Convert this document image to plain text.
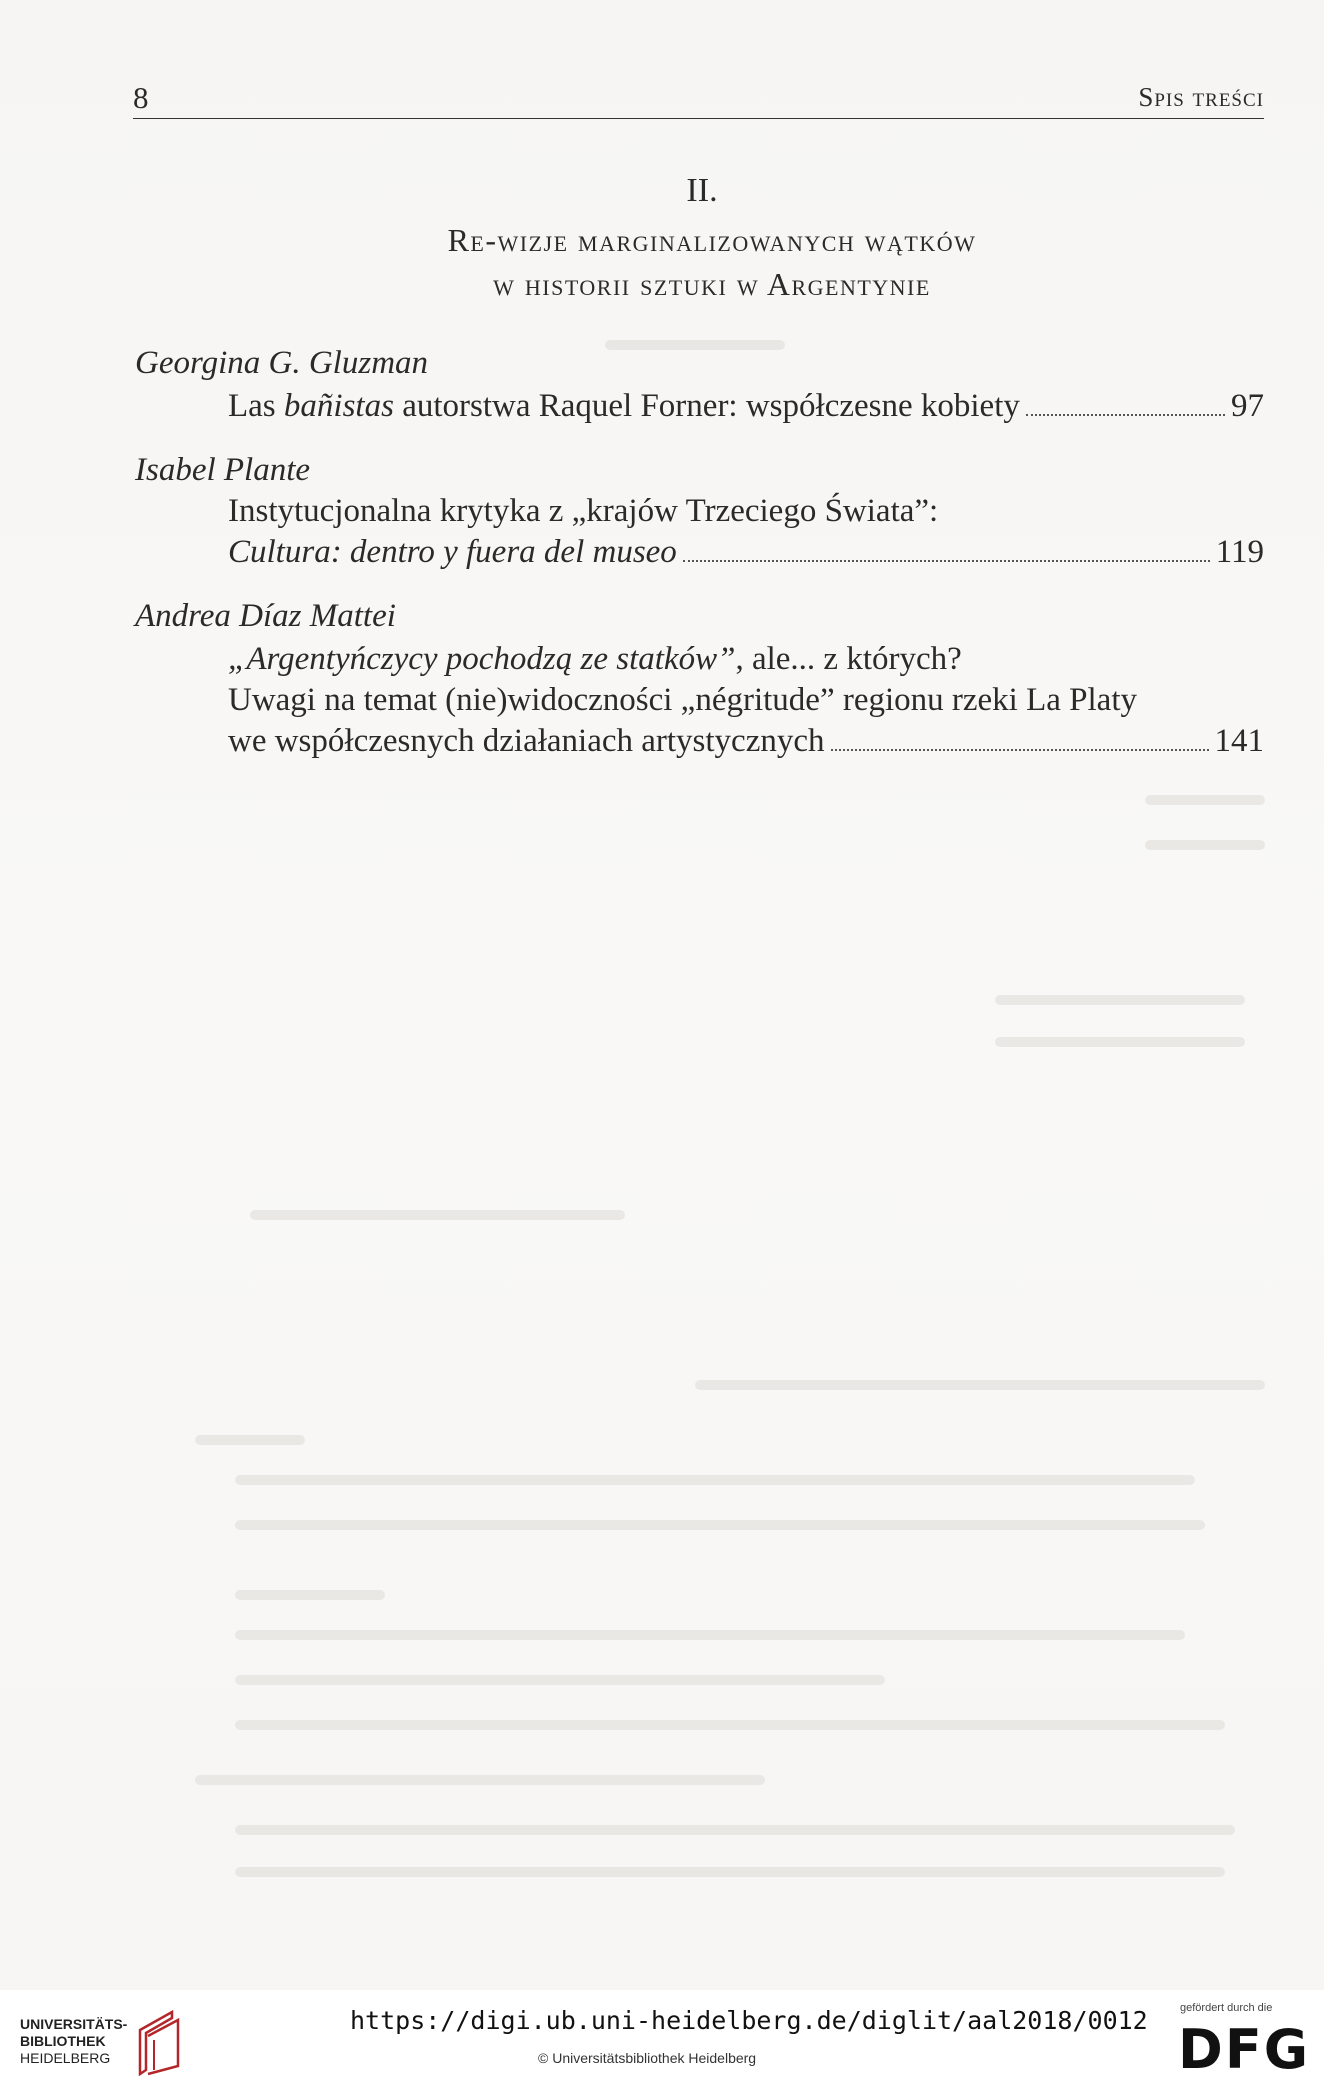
8	Spis treści
II.
Re-wizje marginalizowanych wątków
w historii sztuki w Argentynie
Georgina G. Gluzman
Las bañistas autorstwa Raquel Forner: współczesne kobiety	97
Isabel Plante
Instytucjonalna krytyka z „krajów Trzeciego Świata”:
Cultura: dentro y fuera del museo	119
Andrea Díaz Mattei
„Argentyńczycy pochodzą ze statków”, ale... z których?
Uwagi na temat (nie)widoczności „négritude” regionu rzeki La Platy
we współczesnych działaniach artystycznych	141
UNIVERSITÄTS-
BIBLIOTHEK
HEIDELBERG
https://digi.ub.uni-heidelberg.de/diglit/aal2018/0012
© Universitätsbibliothek Heidelberg
gefördert durch die
DFG
